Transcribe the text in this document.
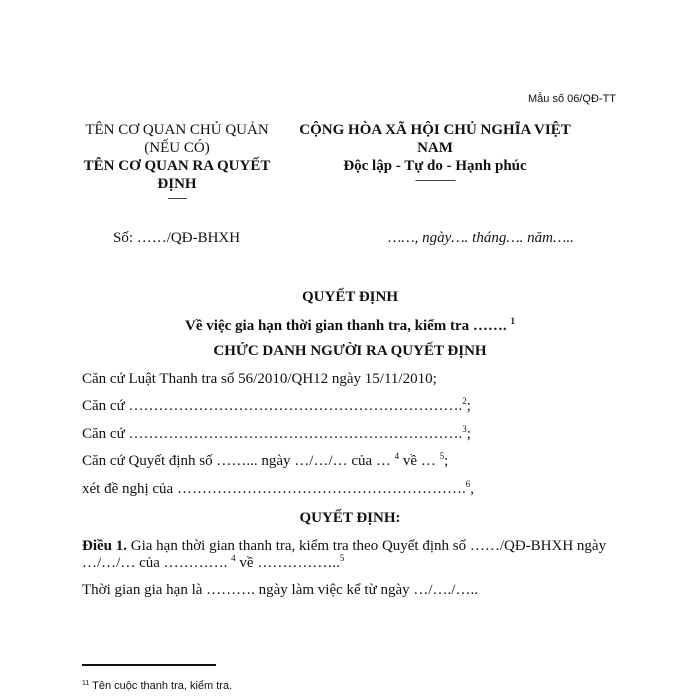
Mẫu số 06/QĐ-TT
TÊN CƠ QUAN CHỦ QUẢN
(NẾU CÓ)
TÊN CƠ QUAN RA QUYẾT
ĐỊNH
-------
CỘNG HÒA XÃ HỘI CHỦ NGHĨA VIỆT
NAM
Độc lập - Tự do - Hạnh phúc
---------------
Số: ……/QĐ-BHXH	……, ngày…. tháng…. năm…..
QUYẾT ĐỊNH
Về việc gia hạn thời gian thanh tra, kiểm tra ……. $^1$
CHỨC DANH NGƯỜI RA QUYẾT ĐỊNH
Căn cứ Luật Thanh tra số 56/2010/QH12 ngày 15/11/2010;
Căn cứ ………………………………………………………….$^2$;
Căn cứ ………………………………………………………….$^3$;
Căn cứ Quyết định số ……... ngày …/…/… của … $^4$ về … $^5$;
xét đề nghị của ………………………………………………….$^6$,
QUYẾT ĐỊNH:
Điều 1. Gia hạn thời gian thanh tra, kiểm tra theo Quyết định số ……/QĐ-BHXH ngày
…/…/… của …………. $^4$ về ……………..$^5$
Thời gian gia hạn là ………. ngày làm việc kể từ ngày …/…./…..
$^{11}$ Tên cuộc thanh tra, kiểm tra.
